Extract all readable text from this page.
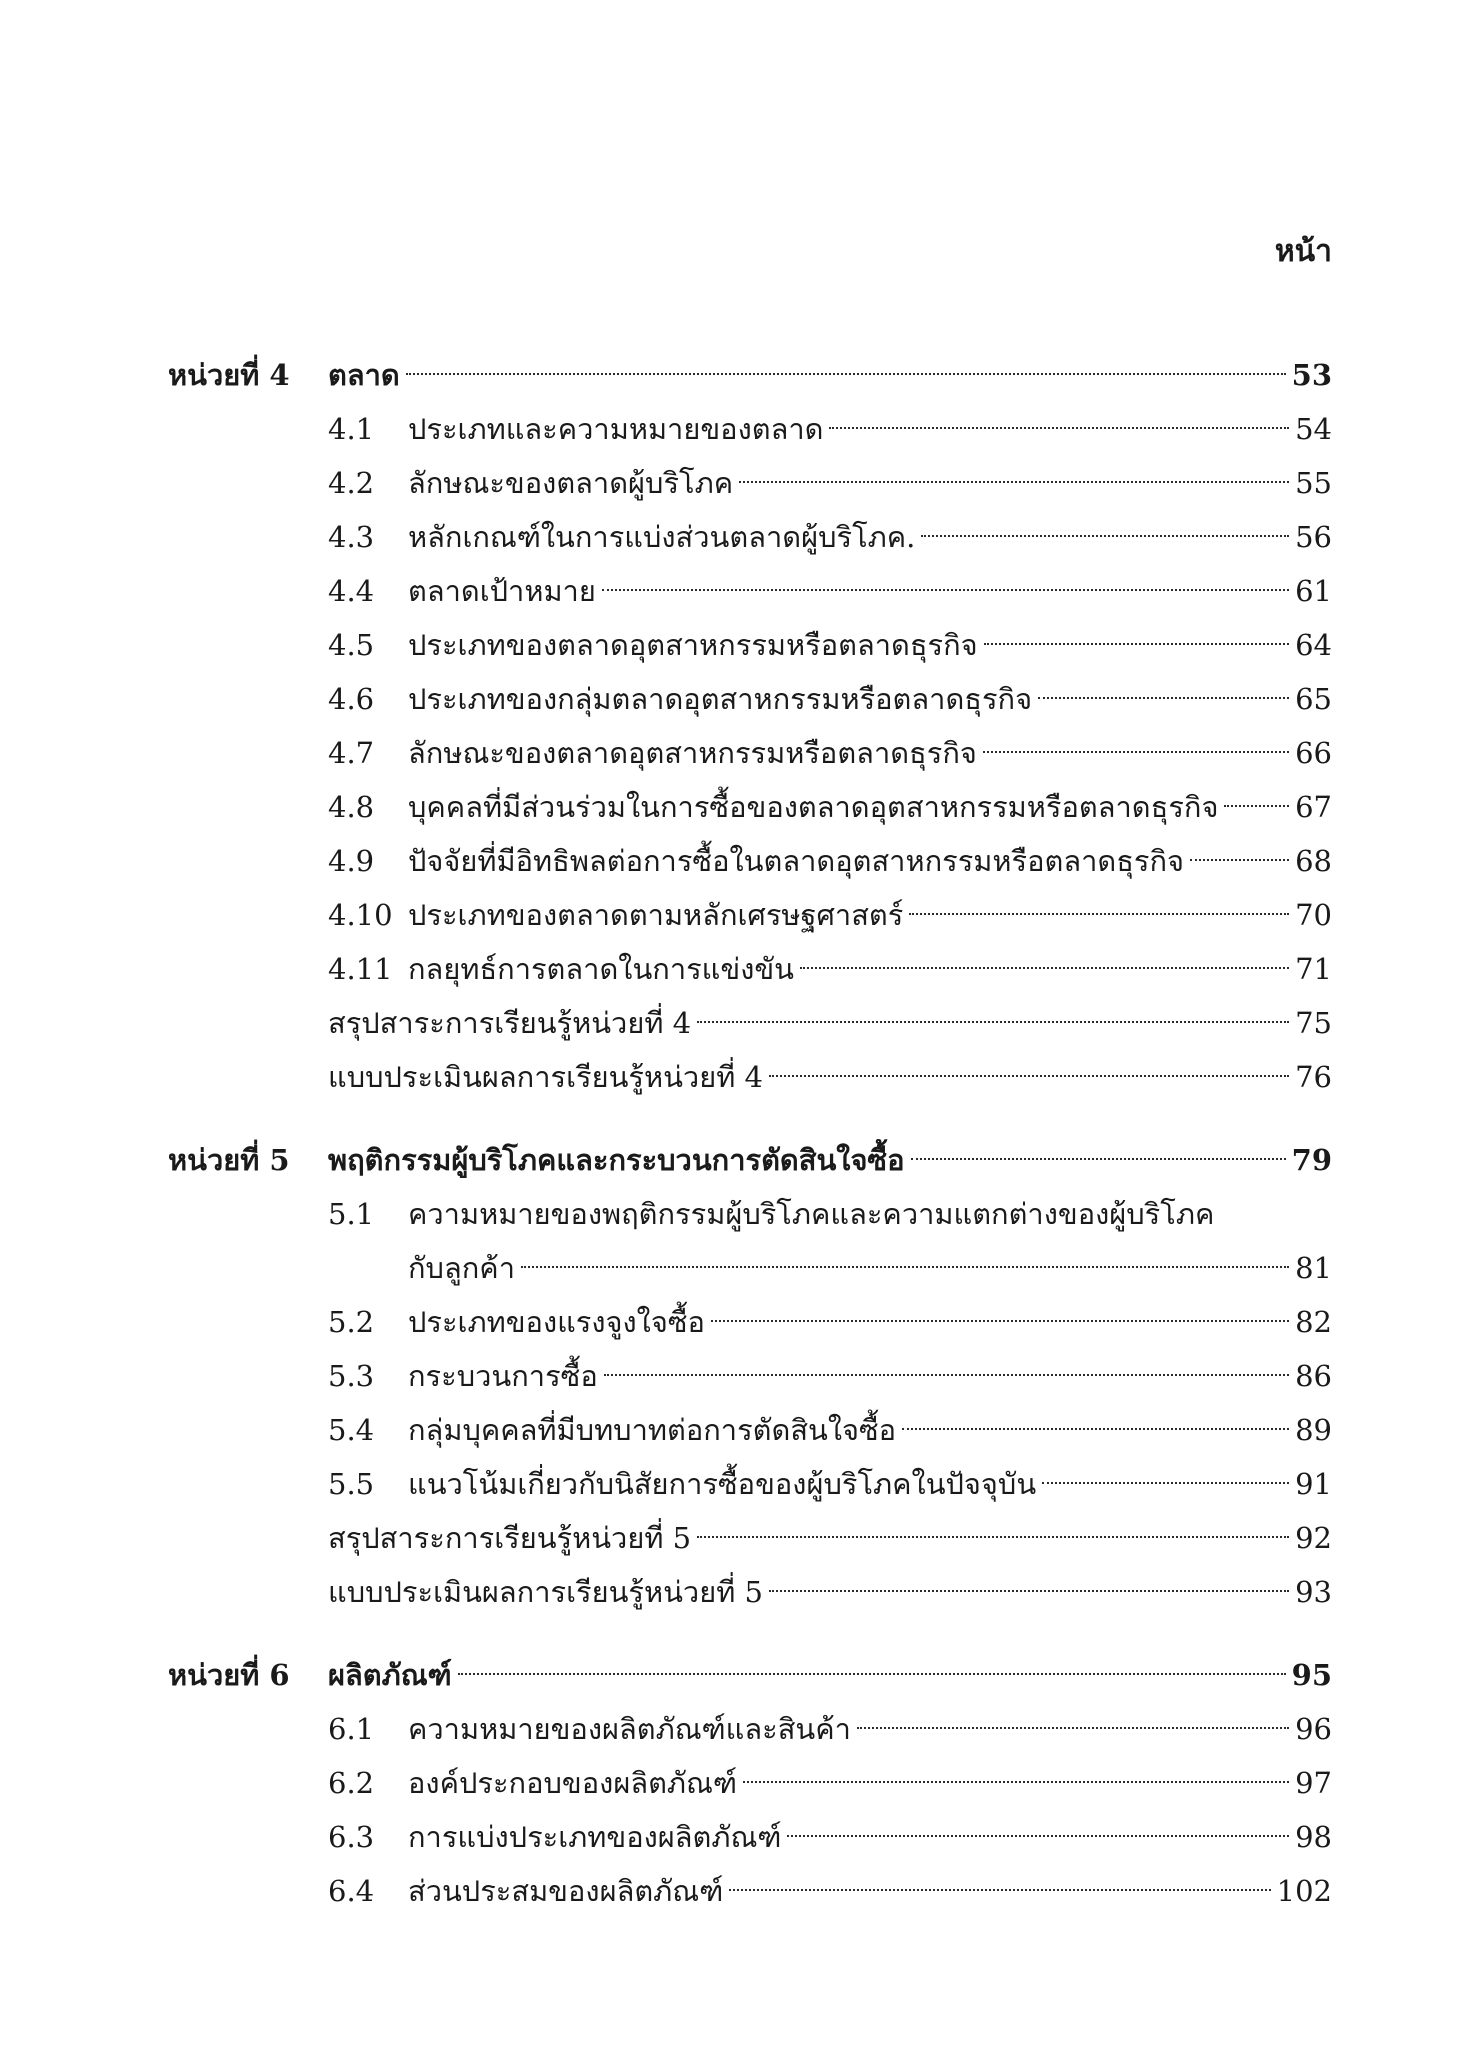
หน้า
หน่วยที่ 4	ตลาด	53
4.1	ประเภทและความหมายของตลาด	54
4.2	ลักษณะของตลาดผู้บริโภค	55
4.3	หลักเกณฑ์ในการแบ่งส่วนตลาดผู้บริโภค.	56
4.4	ตลาดเป้าหมาย	61
4.5	ประเภทของตลาดอุตสาหกรรมหรือตลาดธุรกิจ	64
4.6	ประเภทของกลุ่มตลาดอุตสาหกรรมหรือตลาดธุรกิจ	65
4.7	ลักษณะของตลาดอุตสาหกรรมหรือตลาดธุรกิจ	66
4.8	บุคคลที่มีส่วนร่วมในการซื้อของตลาดอุตสาหกรรมหรือตลาดธุรกิจ	67
4.9	ปัจจัยที่มีอิทธิพลต่อการซื้อในตลาดอุตสาหกรรมหรือตลาดธุรกิจ	68
4.10 ประเภทของตลาดตามหลักเศรษฐศาสตร์	70
4.11 กลยุทธ์การตลาดในการแข่งขัน	71
สรุปสาระการเรียนรู้หน่วยที่ 4	75
แบบประเมินผลการเรียนรู้หน่วยที่ 4	76
หน่วยที่ 5	พฤติกรรมผู้บริโภคและกระบวนการตัดสินใจซื้อ	79
5.1	ความหมายของพฤติกรรมผู้บริโภคและความแตกต่างของผู้บริโภค
กับลูกค้า	81
5.2	ประเภทของแรงจูงใจซื้อ	82
5.3	กระบวนการซื้อ	86
5.4	กลุ่มบุคคลที่มีบทบาทต่อการตัดสินใจซื้อ	89
5.5	แนวโน้มเกี่ยวกับนิสัยการซื้อของผู้บริโภคในปัจจุบัน	91
สรุปสาระการเรียนรู้หน่วยที่ 5	92
แบบประเมินผลการเรียนรู้หน่วยที่ 5	93
หน่วยที่ 6	ผลิตภัณฑ์	95
6.1	ความหมายของผลิตภัณฑ์และสินค้า	96
6.2	องค์ประกอบของผลิตภัณฑ์	97
6.3	การแบ่งประเภทของผลิตภัณฑ์	98
6.4	ส่วนประสมของผลิตภัณฑ์	102
